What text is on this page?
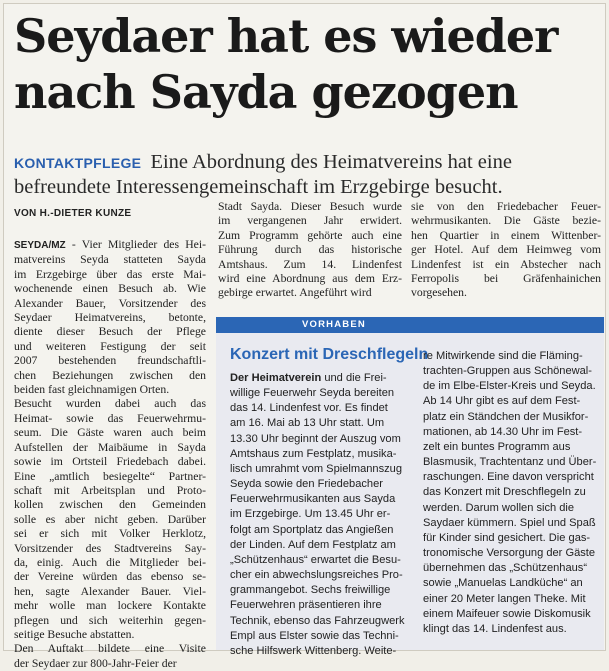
Seydaer hat es wieder
nach Sayda gezogen
KONTAKTPFLEGE Eine Abordnung des Heimatvereins hat eine befreundete Interessengemeinschaft im Erzgebirge besucht.
VON H.-DIETER KUNZE
SEYDA/MZ - Vier Mitglieder des Hei-
matvereins Seyda statteten Sayda
im Erzgebirge über das erste Mai-
wochenende einen Besuch ab. Wie
Alexander Bauer, Vorsitzender des
Seydaer Heimatvereins, betonte,
diente dieser Besuch der Pflege
und weiteren Festigung der seit
2007 bestehenden freundschaftli-
chen Beziehungen zwischen den
beiden fast gleichnamigen Orten.
Besucht wurden dabei auch das
Heimat- sowie das Feuerwehrmu-
seum. Die Gäste waren auch beim
Aufstellen der Maibäume in Sayda
sowie im Ortsteil Friedebach dabei.
Eine „amtlich besiegelte“ Partner-
schaft mit Arbeitsplan und Proto-
kollen zwischen den Gemeinden
solle es aber nicht geben. Darüber
sei er sich mit Volker Herklotz,
Vorsitzender des Stadtvereins Say-
da, einig. Auch die Mitglieder bei-
der Vereine würden das ebenso se-
hen, sagte Alexander Bauer. Viel-
mehr wolle man lockere Kontakte
pflegen und sich weiterhin gegen-
seitige Besuche abstatten.
Den Auftakt bildete eine Visite
der Seydaer zur 800-Jahr-Feier der
Stadt Sayda. Dieser Besuch wurde
im vergangenen Jahr erwidert.
Zum Programm gehörte auch eine
Führung durch das historische
Amtshaus. Zum 14. Lindenfest
wird eine Abordnung aus dem Erz-
gebirge erwartet. Angeführt wird
sie von den Friedebacher Feuer-
wehrmusikanten. Die Gäste bezie-
hen Quartier in einem Wittenber-
ger Hotel. Auf dem Heimweg vom
Lindenfest ist ein Abstecher nach
Ferropolis bei Gräfenhainichen
vorgesehen.
VORHABEN
Konzert mit Dreschflegeln
Der Heimatverein und die Frei-
willige Feuerwehr Seyda bereiten
das 14. Lindenfest vor. Es findet
am 16. Mai ab 13 Uhr statt. Um
13.30 Uhr beginnt der Auszug vom
Amtshaus zum Festplatz, musika-
lisch umrahmt vom Spielmannszug
Seyda sowie den Friedebacher
Feuerwehrmusikanten aus Sayda
im Erzgebirge. Um 13.45 Uhr er-
folgt am Sportplatz das Angießen
der Linden. Auf dem Festplatz am
„Schützenhaus“ erwartet die Besu-
cher ein abwechslungsreiches Pro-
grammangebot. Sechs freiwillige
Feuerwehren präsentieren ihre
Technik, ebenso das Fahrzeugwerk
Empl aus Elster sowie das Techni-
sche Hilfswerk Wittenberg. Weite-
re Mitwirkende sind die Fläming-
trachten-Gruppen aus Schönewal-
de im Elbe-Elster-Kreis und Seyda.
Ab 14 Uhr gibt es auf dem Fest-
platz ein Ständchen der Musikfor-
mationen, ab 14.30 Uhr im Fest-
zelt ein buntes Programm aus
Blasmusik, Trachtentanz und Über-
raschungen. Eine davon verspricht
das Konzert mit Dreschflegeln zu
werden. Darum wollen sich die
Saydaer kümmern. Spiel und Spaß
für Kinder sind gesichert. Die gas-
tronomische Versorgung der Gäste
übernehmen das „Schützenhaus“
sowie „Manuelas Landküche“ an
einer 20 Meter langen Theke. Mit
einem Maifeuer sowie Diskomusik
klingt das 14. Lindenfest aus.
